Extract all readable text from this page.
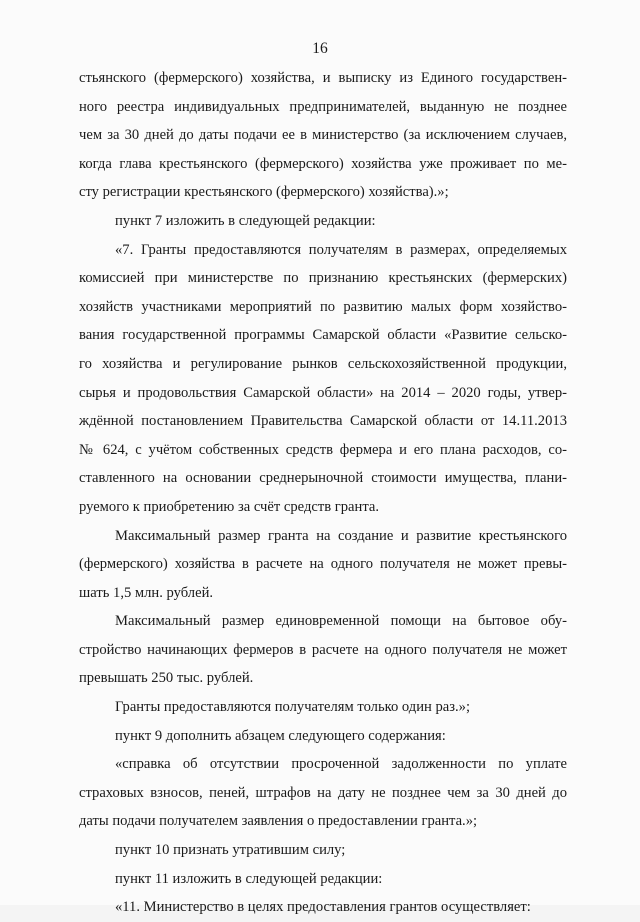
16
стьянского (фермерского) хозяйства, и выписку из Единого государствен-
ного реестра индивидуальных предпринимателей, выданную не позднее
чем за 30 дней до даты подачи ее в министерство (за исключением случаев,
когда глава крестьянского (фермерского) хозяйства уже проживает по ме-
сту регистрации крестьянского (фермерского) хозяйства).»;
пункт 7 изложить в следующей редакции:
«7. Гранты предоставляются получателям в размерах, определяемых
комиссией при министерстве по признанию крестьянских (фермерских)
хозяйств участниками мероприятий по развитию малых форм хозяйство-
вания государственной программы Самарской области «Развитие сельско-
го хозяйства и регулирование рынков сельскохозяйственной продукции,
сырья и продовольствия Самарской области» на 2014 – 2020 годы, утвер-
ждённой постановлением Правительства Самарской области от 14.11.2013
№ 624, с учётом собственных средств фермера и его плана расходов, со-
ставленного на основании среднерыночной стоимости имущества, плани-
руемого к приобретению за счёт средств гранта.
Максимальный размер гранта на создание и развитие крестьянского
(фермерского) хозяйства в расчете на одного получателя не может превы-
шать 1,5 млн. рублей.
Максимальный размер единовременной помощи на бытовое обу-
стройство начинающих фермеров в расчете на одного получателя не может
превышать 250 тыс. рублей.
Гранты предоставляются получателям только один раз.»;
пункт 9 дополнить абзацем следующего содержания:
«справка об отсутствии просроченной задолженности по уплате
страховых взносов, пеней, штрафов на дату не позднее чем за 30 дней до
даты подачи получателем заявления о предоставлении гранта.»;
пункт 10 признать утратившим силу;
пункт 11 изложить в следующей редакции:
«11. Министерство в целях предоставления грантов осуществляет:
